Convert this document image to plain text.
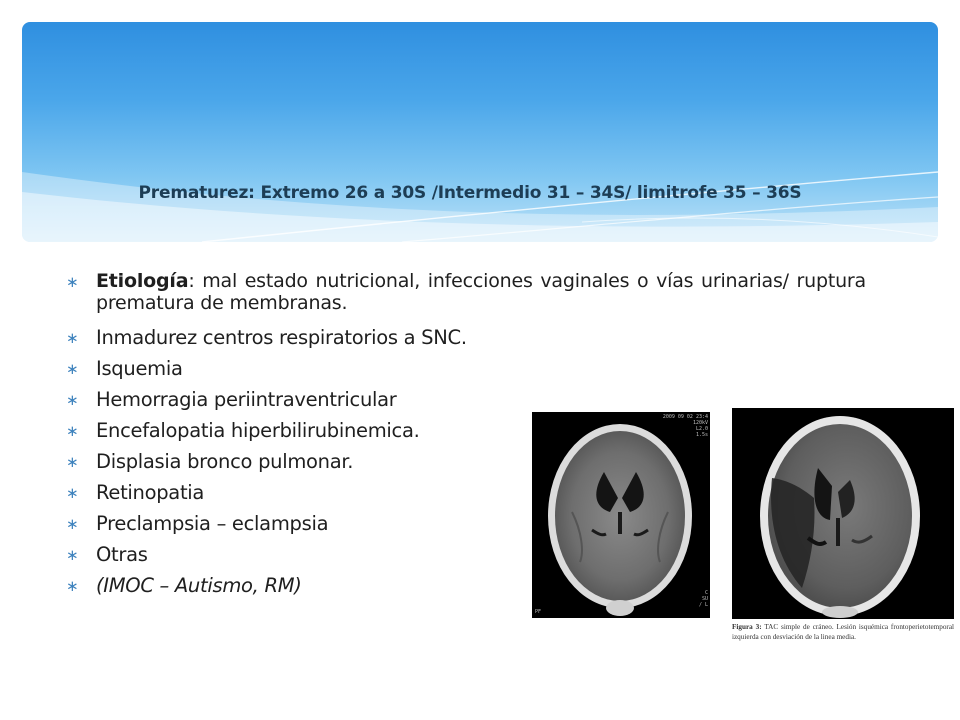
Prematurez: Extremo 26 a 30S /Intermedio 31 – 34S/ limitrofe 35 – 36S
∗ Etiología: mal estado nutricional, infecciones vaginales o vías urinarias/ ruptura prematura de membranas.
∗ Inmadurez centros respiratorios a SNC.
∗ Isquemia
∗ Hemorragia periintraventricular
∗ Encefalopatia hiperbilirubinemica.
∗ Displasia bronco pulmonar.
∗ Retinopatia
∗ Preclampsia – eclampsia
∗ Otras
∗ (IMOC – Autismo, RM)
2009 09 02 23:4
120kV
L2.0
1.5s
PF
C
SU
/ L
Figura 3: TAC simple de cráneo. Lesión isquémica frontoperietotemporal izquierda con desviación de la linea media.
